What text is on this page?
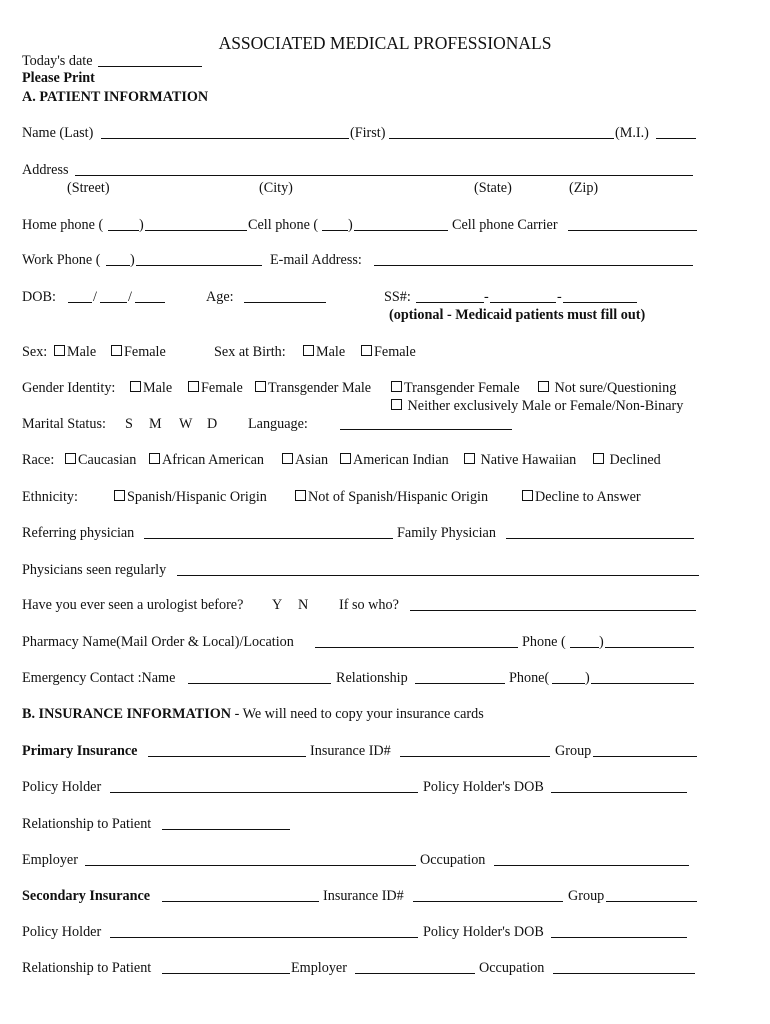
ASSOCIATED MEDICAL PROFESSIONALS
Today's date
Please Print
A. PATIENT INFORMATION
Name (Last)	(First)	(M.I.)
Address
(Street)	(City)	(State)	(Zip)
Home phone (	)	Cell phone ( )	Cell phone Carrier
Work Phone ( )	E-mail Address:
DOB:	/ /	Age:	SS#:	-	-
(optional - Medicaid patients must fill out)
Sex:	Male	Female	Sex at Birth:	Male	Female
Gender Identity:	Male	Female	Transgender Male	Transgender Female	Not sure/Questioning
Neither exclusively Male or Female/Non-Binary
Marital Status: S M W D Language:
Race:	Caucasian	African American	Asian	American Indian	Native Hawaiian	Declined
Ethnicity:	Spanish/Hispanic Origin	Not of Spanish/Hispanic Origin	Decline to Answer
Referring physician	Family Physician
Physicians seen regularly
Have you ever seen a urologist before? Y N If so who?
Pharmacy Name(Mail Order & Local)/Location	Phone ( )
Emergency Contact :Name	Relationship	Phone(	)
B. INSURANCE INFORMATION - We will need to copy your insurance cards
Primary Insurance	Insurance ID#	Group
Policy Holder	Policy Holder's DOB
Relationship to Patient
Employer	Occupation
Secondary Insurance	Insurance ID#	Group
Policy Holder	Policy Holder's DOB
Relationship to Patient	Employer	Occupation
